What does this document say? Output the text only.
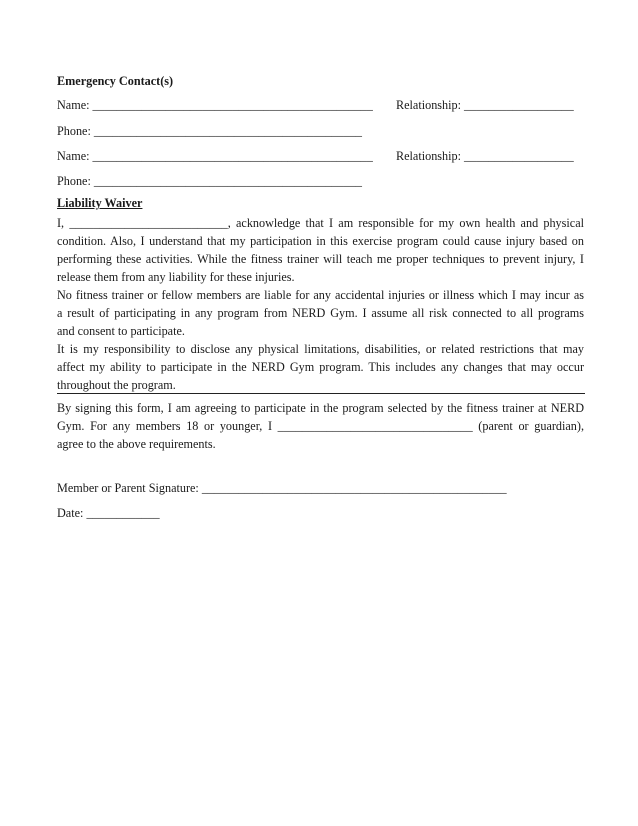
Emergency Contact(s)
Name: ______________________________________________ Relationship: __________________
Phone: ____________________________________________
Name: ______________________________________________ Relationship: __________________
Phone: ____________________________________________
Liability Waiver
I, __________________________, acknowledge that I am responsible for my own health and physical
condition. Also, I understand that my participation in this exercise program could cause injury based on
performing these activities. While the fitness trainer will teach me proper techniques to prevent injury, I
release them from any liability for these injuries.
No fitness trainer or fellow members are liable for any accidental injuries or illness which I may incur as
a result of participating in any program from NERD Gym. I assume all risk connected to all programs
and consent to participate.
It is my responsibility to disclose any physical limitations, disabilities, or related restrictions that may
affect my ability to participate in the NERD Gym program. This includes any changes that may occur
throughout the program.
By signing this form, I am agreeing to participate in the program selected by the fitness trainer at NERD
Gym. For any members 18 or younger, I ________________________________ (parent or guardian),
agree to the above requirements.
Member or Parent Signature: __________________________________________________
Date: ____________
